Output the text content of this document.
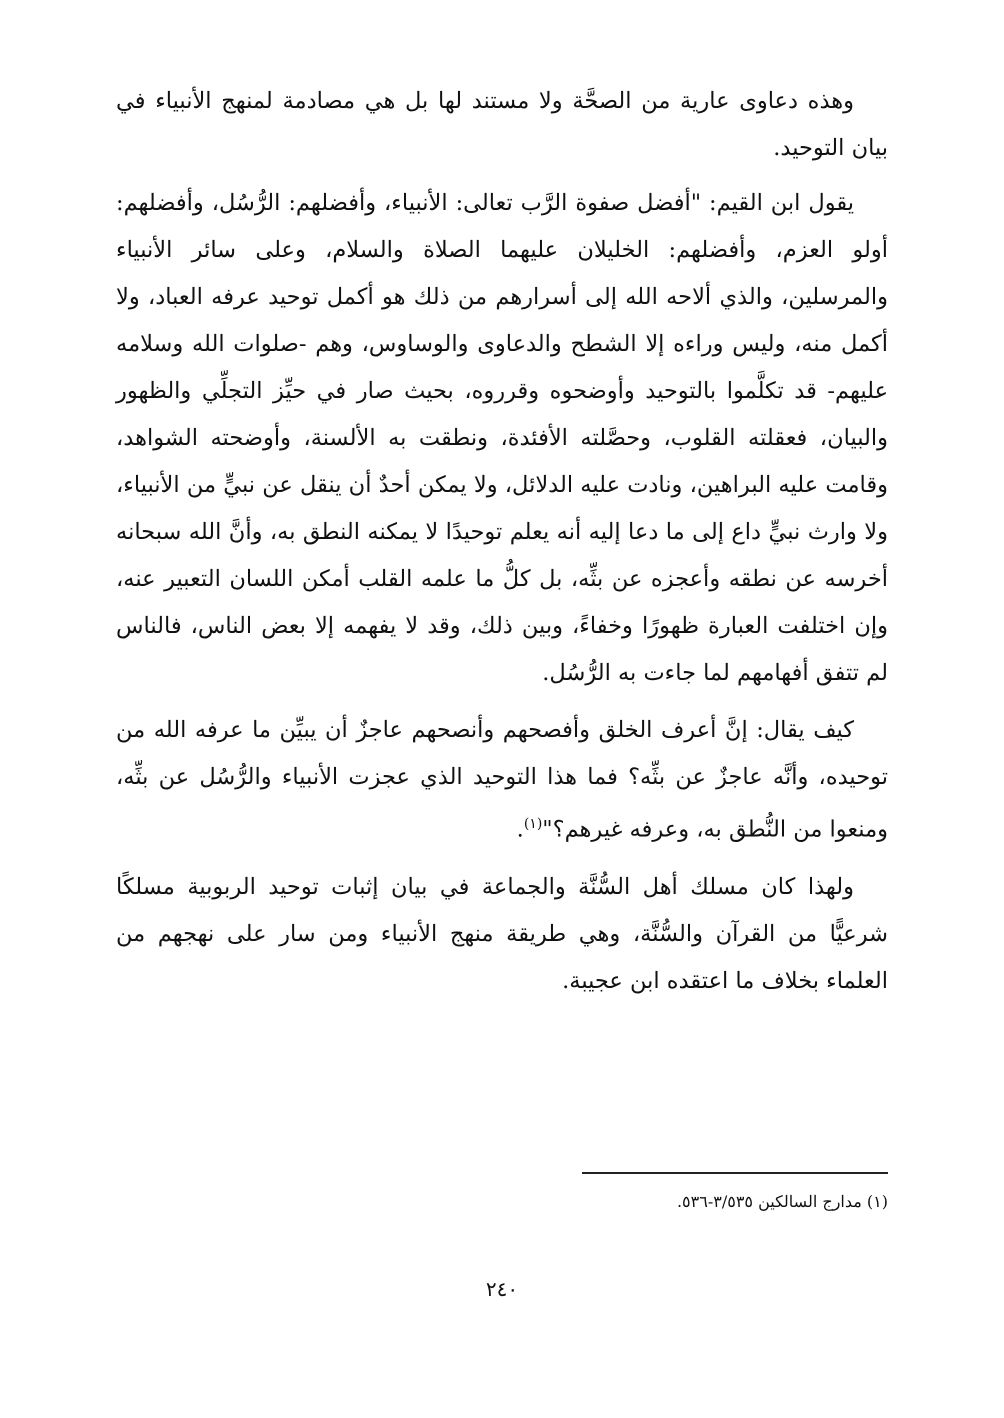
وهذه دعاوى عارية من الصحَّة ولا مستند لها بل هي مصادمة لمنهج الأنبياء في بيان التوحيد.

يقول ابن القيم: "أفضل صفوة الرَّب تعالى: الأنبياء، وأفضلهم: الرُّسُل، وأفضلهم: أولو العزم، وأفضلهم: الخليلان عليهما الصلاة والسلام، وعلى سائر الأنبياء والمرسلين، والذي ألاحه الله إلى أسرارهم من ذلك هو أكمل توحيد عرفه العباد، ولا أكمل منه، وليس وراءه إلا الشطح والدعاوى والوساوس، وهم -صلوات الله وسلامه عليهم- قد تكلَّموا بالتوحيد وأوضحوه وقرروه، بحيث صار في حيِّز التجلِّي والظهور والبيان، فعقلته القلوب، وحصَّلته الأفئدة، ونطقت به الألسنة، وأوضحته الشواهد، وقامت عليه البراهين، ونادت عليه الدلائل، ولا يمكن أحدٌ أن ينقل عن نبيٍّ من الأنبياء، ولا وارث نبيٍّ داع إلى ما دعا إليه أنه يعلم توحيدًا لا يمكنه النطق به، وأنَّ الله سبحانه أخرسه عن نطقه وأعجزه عن بثِّه، بل كلُّ ما علمه القلب أمكن اللسان التعبير عنه، وإن اختلفت العبارة ظهورًا وخفاءً، وبين ذلك، وقد لا يفهمه إلا بعض الناس، فالناس لم تتفق أفهامهم لما جاءت به الرُّسُل.

كيف يقال: إنَّ أعرف الخلق وأفصحهم وأنصحهم عاجزٌ أن يبيِّن ما عرفه الله من توحيده، وأنَّه عاجزٌ عن بثِّه؟ فما هذا التوحيد الذي عجزت الأنبياء والرُّسُل عن بثِّه، ومنعوا من النُّطق به، وعرفه غيرهم؟"$^{(١)}$.

ولهذا كان مسلك أهل السُّنَّة والجماعة في بيان إثبات توحيد الربوبية مسلكًا شرعيًّا من القرآن والسُّنَّة، وهي طريقة منهج الأنبياء ومن سار على نهجهم من العلماء بخلاف ما اعتقده ابن عجيبة.

(١) مدارج السالكين ٣/٥٣٥-٥٣٦.
٢٤٠
